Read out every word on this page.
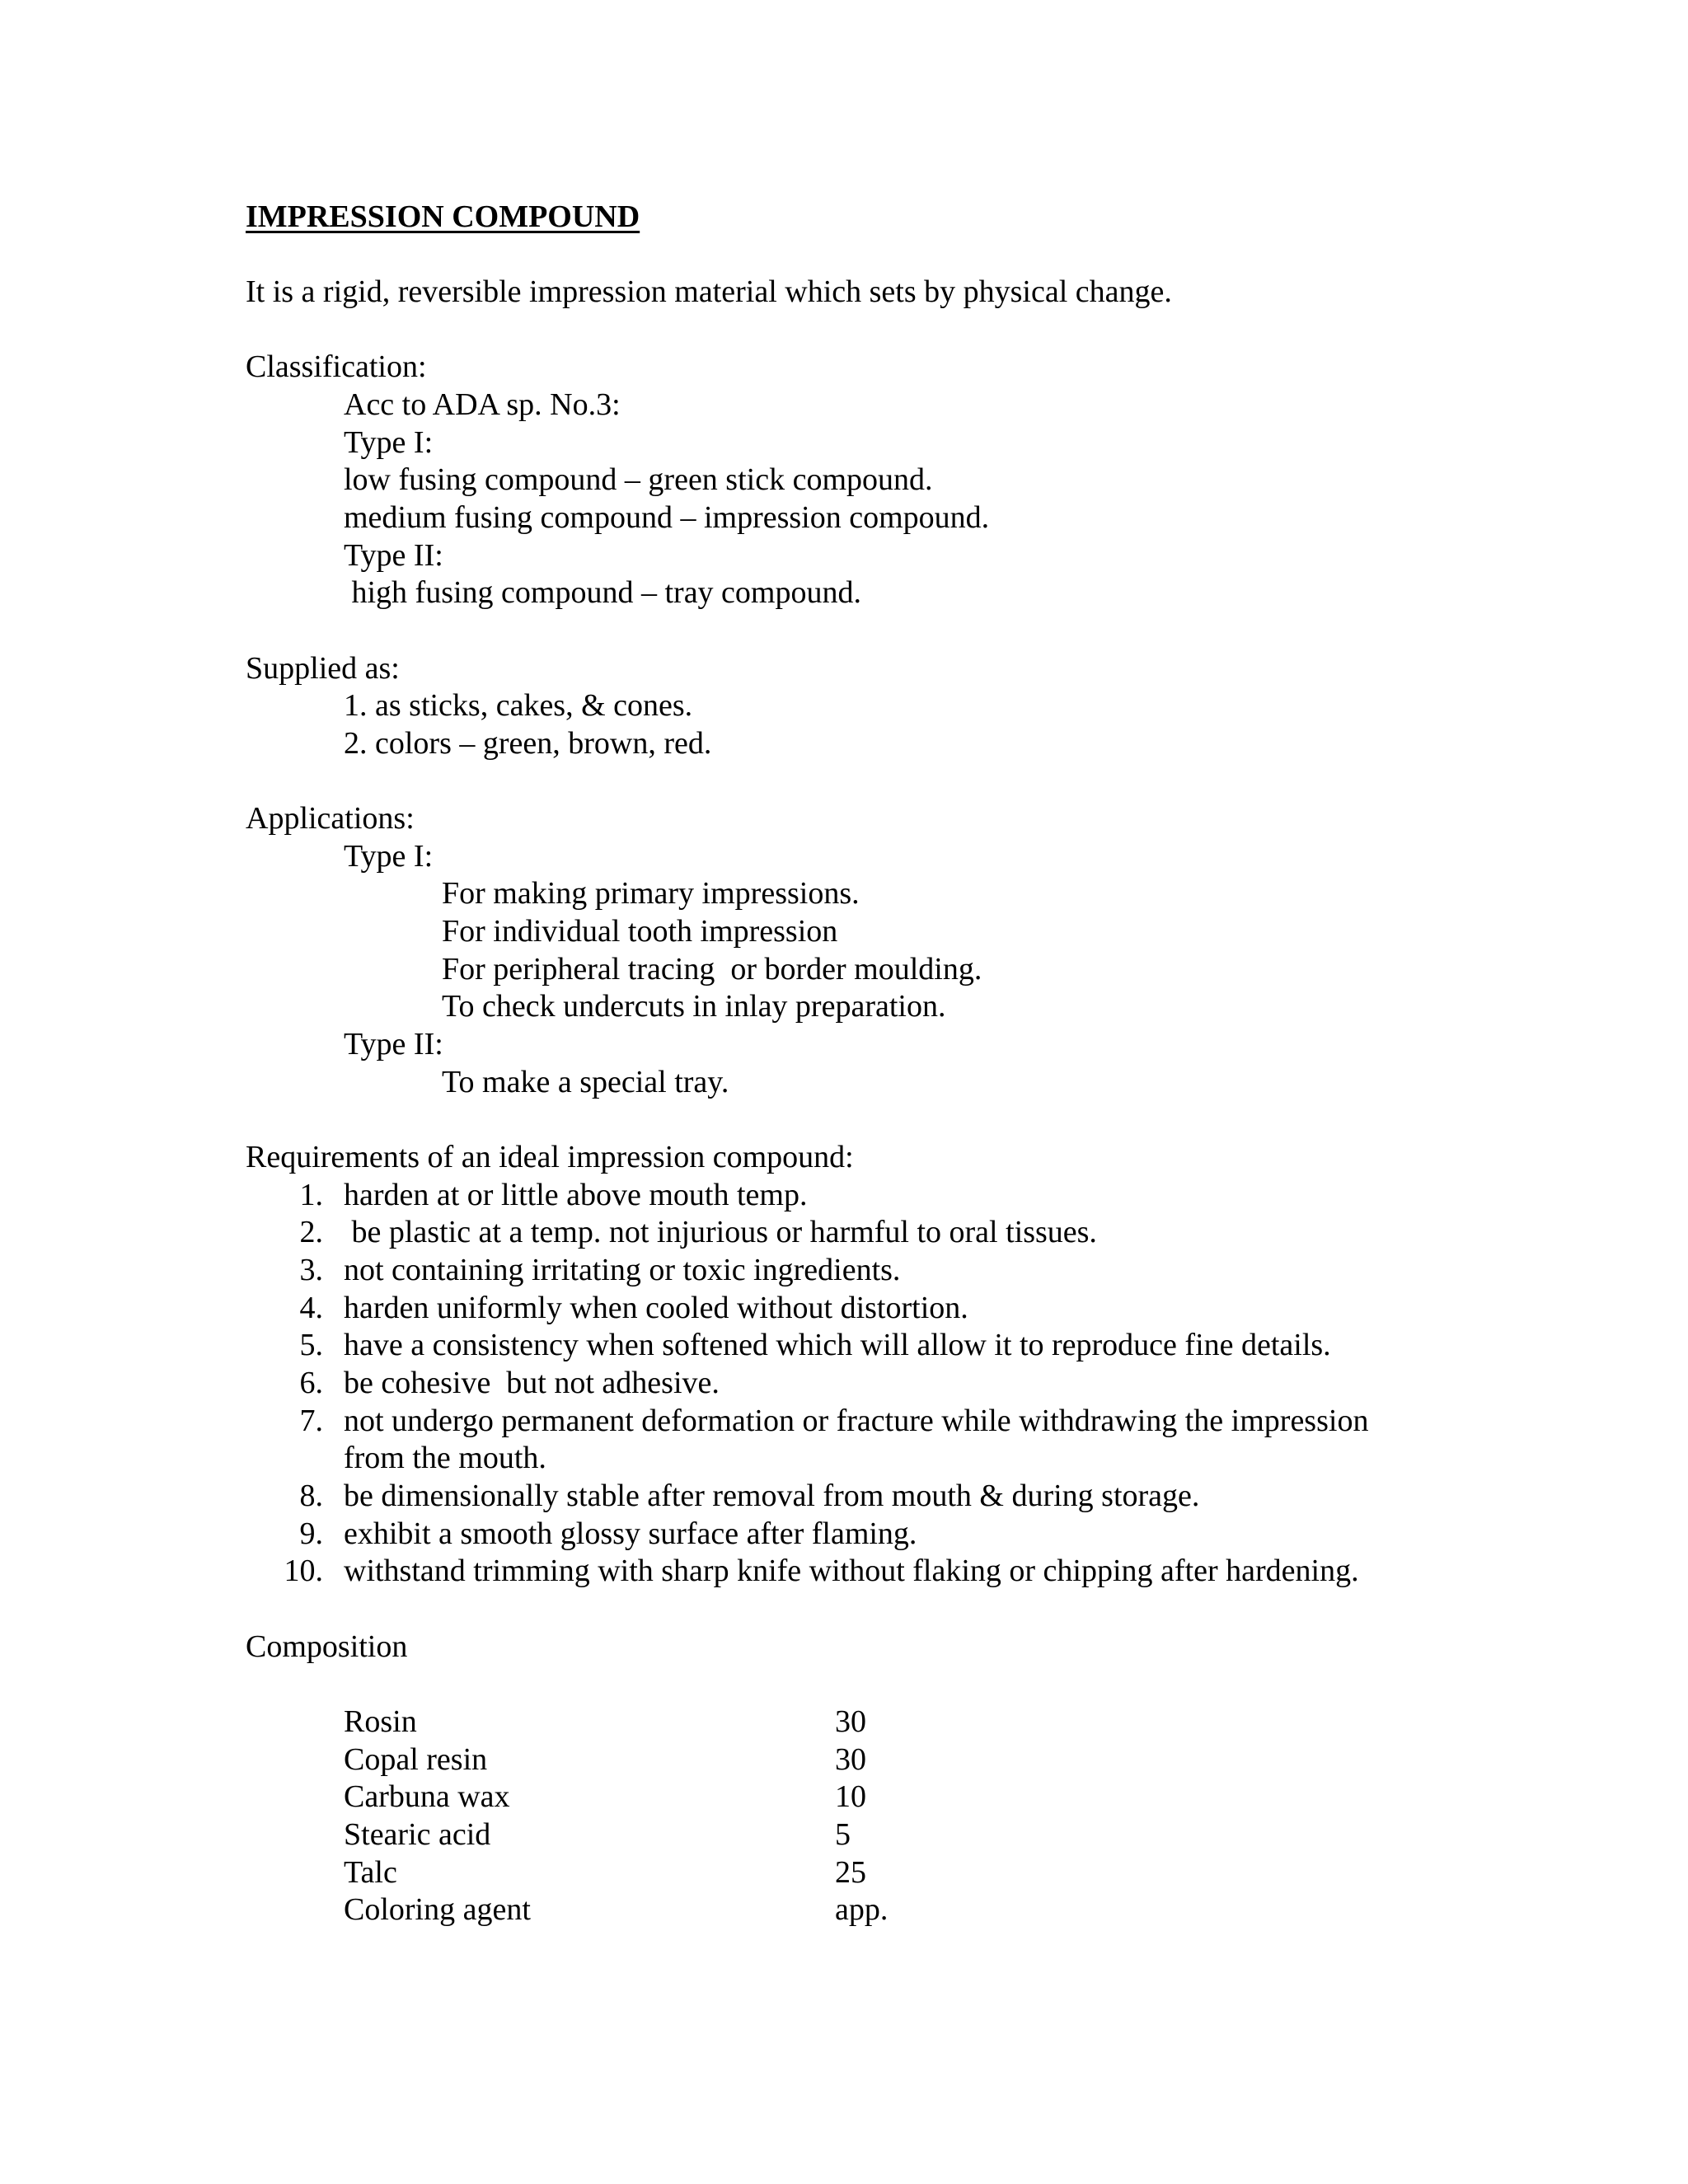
IMPRESSION COMPOUND
It is a rigid, reversible impression material which sets by physical change.
Classification:
Acc to ADA sp. No.3:
Type I:
low fusing compound – green stick compound.
medium fusing compound – impression compound.
Type II:
high fusing compound – tray compound.
Supplied as:
1. as sticks, cakes, & cones.
2. colors – green, brown, red.
Applications:
Type I:
For making primary impressions.
For individual tooth impression
For peripheral tracing  or border moulding.
To check undercuts in inlay preparation.
Type II:
To make a special tray.
Requirements of an ideal impression compound:
1. harden at or little above mouth temp.
2. be plastic at a temp. not injurious or harmful to oral tissues.
3. not containing irritating or toxic ingredients.
4. harden uniformly when cooled without distortion.
5. have a consistency when softened which will allow it to reproduce fine details.
6. be cohesive  but not adhesive.
7. not undergo permanent deformation or fracture while withdrawing the impression
from the mouth.
8. be dimensionally stable after removal from mouth & during storage.
9. exhibit a smooth glossy surface after flaming.
10. withstand trimming with sharp knife without flaking or chipping after hardening.
Composition
Rosin	30
Copal resin	30
Carbuna wax	10
Stearic acid	5
Talc	25
Coloring agent	app.
